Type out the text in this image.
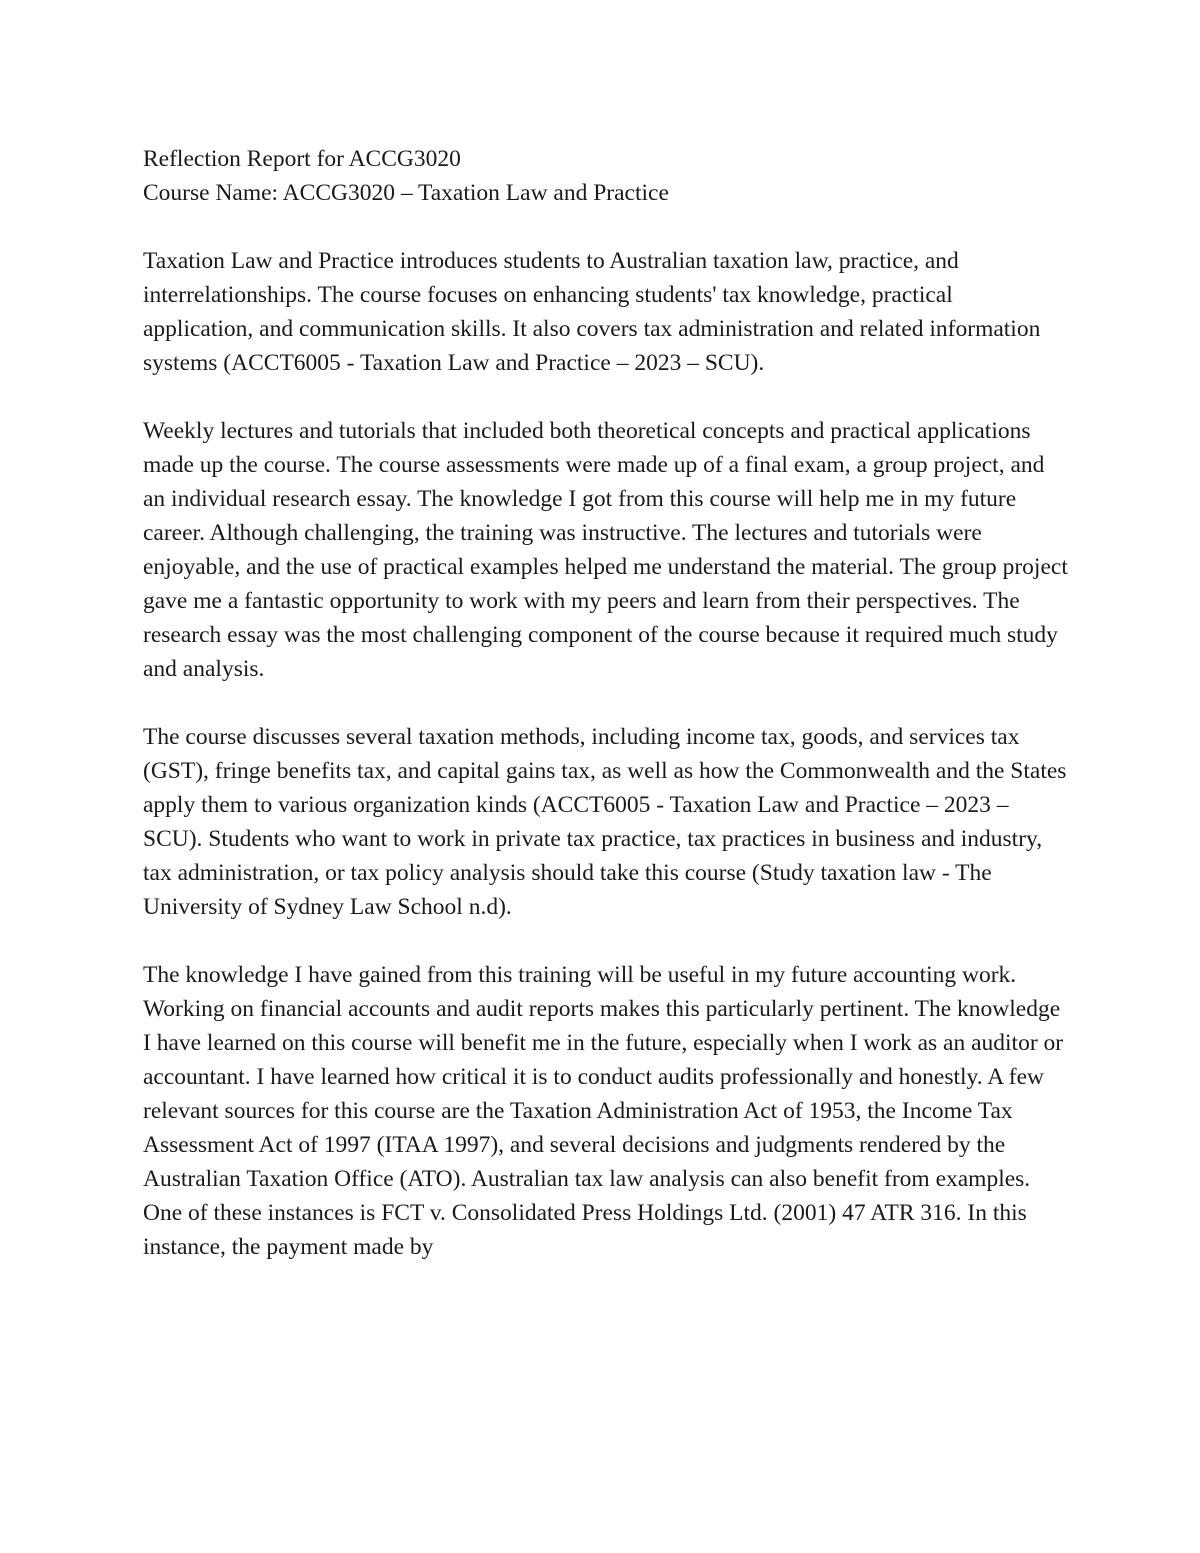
Reflection Report for ACCG3020
Course Name: ACCG3020 – Taxation Law and Practice

Taxation Law and Practice introduces students to Australian taxation law, practice, and interrelationships. The course focuses on enhancing students' tax knowledge, practical application, and communication skills. It also covers tax administration and related information systems (ACCT6005 - Taxation Law and Practice – 2023 – SCU).

Weekly lectures and tutorials that included both theoretical concepts and practical applications made up the course. The course assessments were made up of a final exam, a group project, and an individual research essay. The knowledge I got from this course will help me in my future career. Although challenging, the training was instructive. The lectures and tutorials were enjoyable, and the use of practical examples helped me understand the material. The group project gave me a fantastic opportunity to work with my peers and learn from their perspectives. The research essay was the most challenging component of the course because it required much study and analysis.

The course discusses several taxation methods, including income tax, goods, and services tax (GST), fringe benefits tax, and capital gains tax, as well as how the Commonwealth and the States apply them to various organization kinds (ACCT6005 - Taxation Law and Practice – 2023 – SCU). Students who want to work in private tax practice, tax practices in business and industry, tax administration, or tax policy analysis should take this course (Study taxation law - The University of Sydney Law School n.d).

The knowledge I have gained from this training will be useful in my future accounting work. Working on financial accounts and audit reports makes this particularly pertinent. The knowledge I have learned on this course will benefit me in the future, especially when I work as an auditor or accountant. I have learned how critical it is to conduct audits professionally and honestly. A few relevant sources for this course are the Taxation Administration Act of 1953, the Income Tax Assessment Act of 1997 (ITAA 1997), and several decisions and judgments rendered by the Australian Taxation Office (ATO). Australian tax law analysis can also benefit from examples. One of these instances is FCT v. Consolidated Press Holdings Ltd. (2001) 47 ATR 316. In this instance, the payment made by
